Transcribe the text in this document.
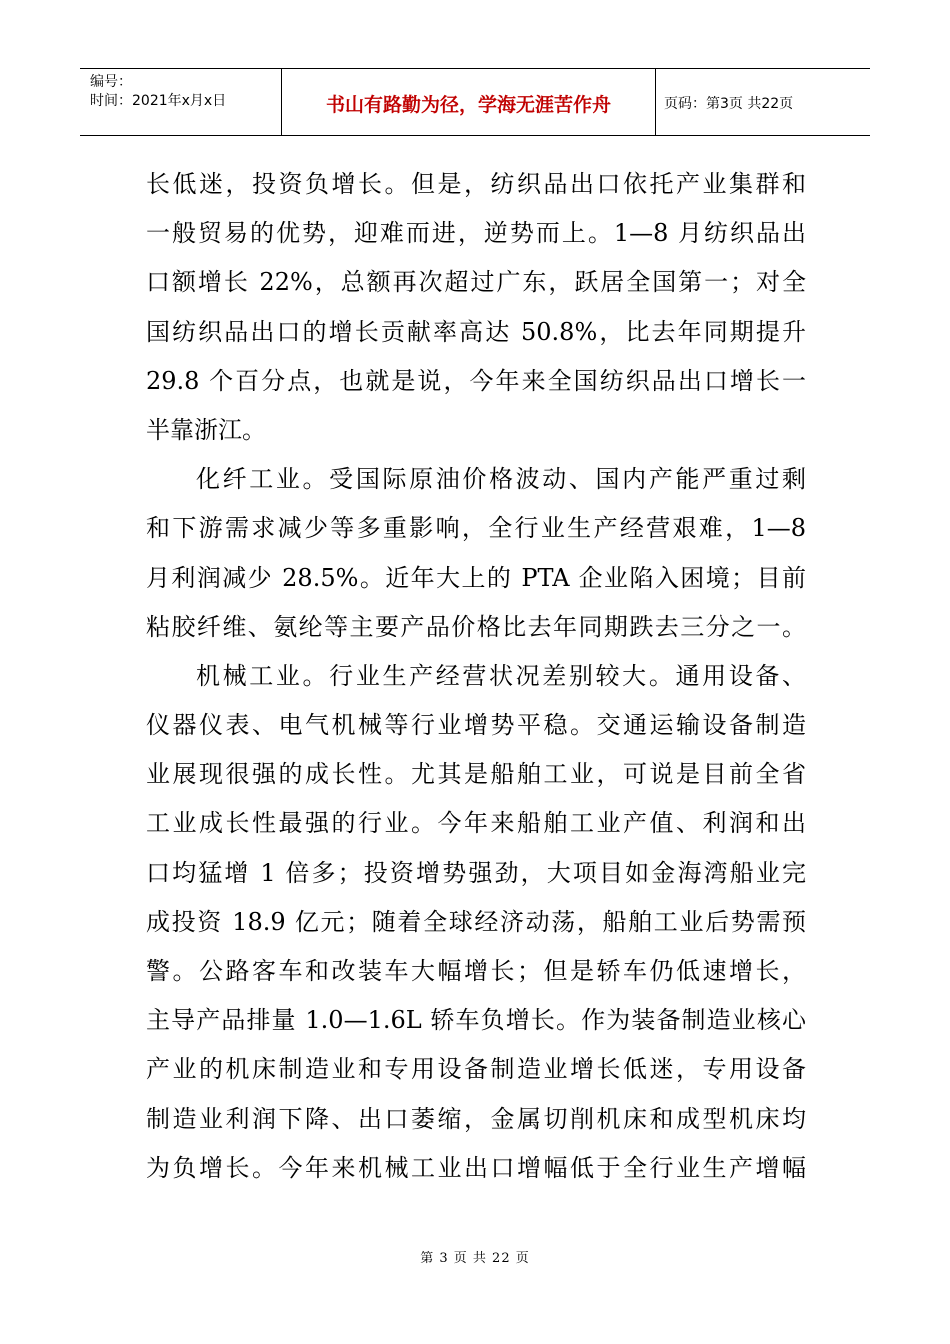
编号：
时间：2021年x月x日	书山有路勤为径，学海无涯苦作舟	页码：第3页 共22页
长低迷，投资负增长。但是，纺织品出口依托产业集群和
一般贸易的优势，迎难而进，逆势而上。1—8 月纺织品出
口额增长 22%，总额再次超过广东，跃居全国第一；对全
国纺织品出口的增长贡献率高达 50.8%，比去年同期提升
29.8 个百分点，也就是说，今年来全国纺织品出口增长一
半靠浙江。
化纤工业。受国际原油价格波动、国内产能严重过剩
和下游需求减少等多重影响，全行业生产经营艰难，1—8
月利润减少 28.5%。近年大上的 PTA 企业陷入困境；目前
粘胶纤维、氨纶等主要产品价格比去年同期跌去三分之一。
机械工业。行业生产经营状况差别较大。通用设备、
仪器仪表、电气机械等行业增势平稳。交通运输设备制造
业展现很强的成长性。尤其是船舶工业，可说是目前全省
工业成长性最强的行业。今年来船舶工业产值、利润和出
口均猛增 1 倍多；投资增势强劲，大项目如金海湾船业完
成投资 18.9 亿元；随着全球经济动荡，船舶工业后势需预
警。公路客车和改装车大幅增长；但是轿车仍低速增长，
主导产品排量 1.0—1.6L 轿车负增长。作为装备制造业核心
产业的机床制造业和专用设备制造业增长低迷，专用设备
制造业利润下降、出口萎缩，金属切削机床和成型机床均
为负增长。今年来机械工业出口增幅低于全行业生产增幅
第 3 页 共 22 页
